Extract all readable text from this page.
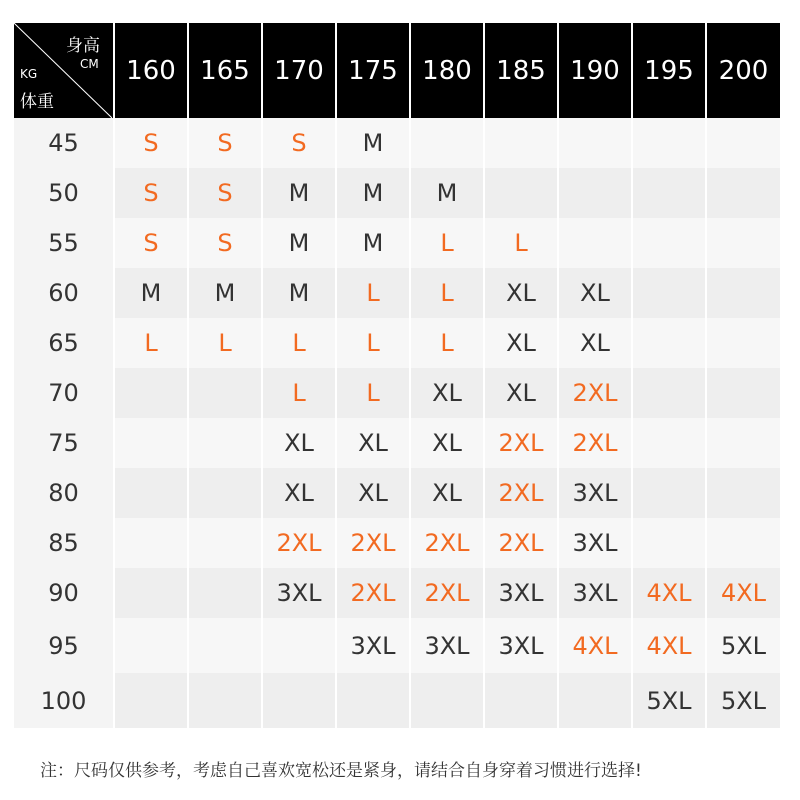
身高
CM
KG
体重	160	165	170	175	180	185	190	195	200
45	S	S	S	M					
50	S	S	M	M	M				
55	S	S	M	M	L	L			
60	M	M	M	L	L	XL	XL		
65	L	L	L	L	L	XL	XL		
70			L	L	XL	XL	2XL		
75			XL	XL	XL	2XL	2XL		
80			XL	XL	XL	2XL	3XL		
85			2XL	2XL	2XL	2XL	3XL		
90			3XL	2XL	2XL	3XL	3XL	4XL	4XL
95				3XL	3XL	3XL	4XL	4XL	5XL
100								5XL	5XL
注：尺码仅供参考，考虑自己喜欢宽松还是紧身，请结合自身穿着习惯进行选择!
